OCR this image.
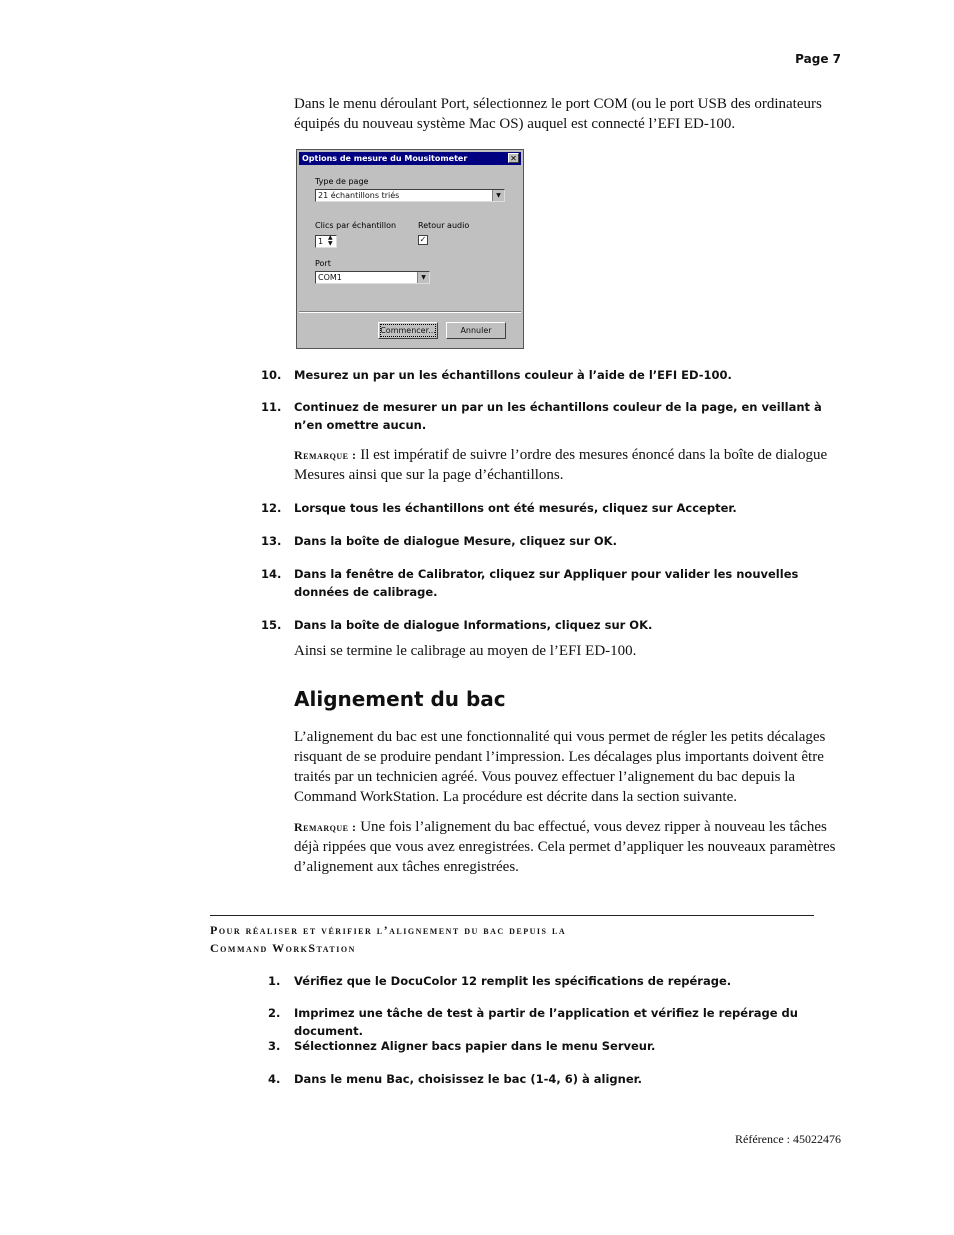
Page 7
Dans le menu déroulant Port, sélectionnez le port COM (ou le port USB des ordinateurs équipés du nouveau système Mac OS) auquel est connecté l’EFI ED-100.
Options de mesure du Mousitometer	✕
Type de page
21 échantillons triés	▼
Clics par échantillon
1 ▲
▼
Retour audio
✓
Port
COM1	▼
Commencer...	Annuler
10.	Mesurez un par un les échantillons couleur à l’aide de l’EFI ED-100.
11.	Continuez de mesurer un par un les échantillons couleur de la page, en veillant à n’en omettre aucun.
Remarque : Il est impératif de suivre l’ordre des mesures énoncé dans la boîte de dialogue Mesures ainsi que sur la page d’échantillons.
12.	Lorsque tous les échantillons ont été mesurés, cliquez sur Accepter.
13.	Dans la boîte de dialogue Mesure, cliquez sur OK.
14.	Dans la fenêtre de Calibrator, cliquez sur Appliquer pour valider les nouvelles données de calibrage.
15.	Dans la boîte de dialogue Informations, cliquez sur OK.
Ainsi se termine le calibrage au moyen de l’EFI ED-100.
Alignement du bac
L’alignement du bac est une fonctionnalité qui vous permet de régler les petits décalages risquant de se produire pendant l’impression. Les décalages plus importants doivent être traités par un technicien agréé. Vous pouvez effectuer l’alignement du bac depuis la Command WorkStation. La procédure est décrite dans la section suivante.
Remarque : Une fois l’alignement du bac effectué, vous devez ripper à nouveau les tâches déjà rippées que vous avez enregistrées. Cela permet d’appliquer les nouveaux paramètres d’alignement aux tâches enregistrées.
Pour réaliser et vérifier l’alignement du bac depuis la
Command WorkStation
1. Vérifiez que le DocuColor 12 remplit les spécifications de repérage.
2. Imprimez une tâche de test à partir de l’application et vérifiez le repérage du document.
3. Sélectionnez Aligner bacs papier dans le menu Serveur.
4. Dans le menu Bac, choisissez le bac (1-4, 6) à aligner.
Référence : 45022476
